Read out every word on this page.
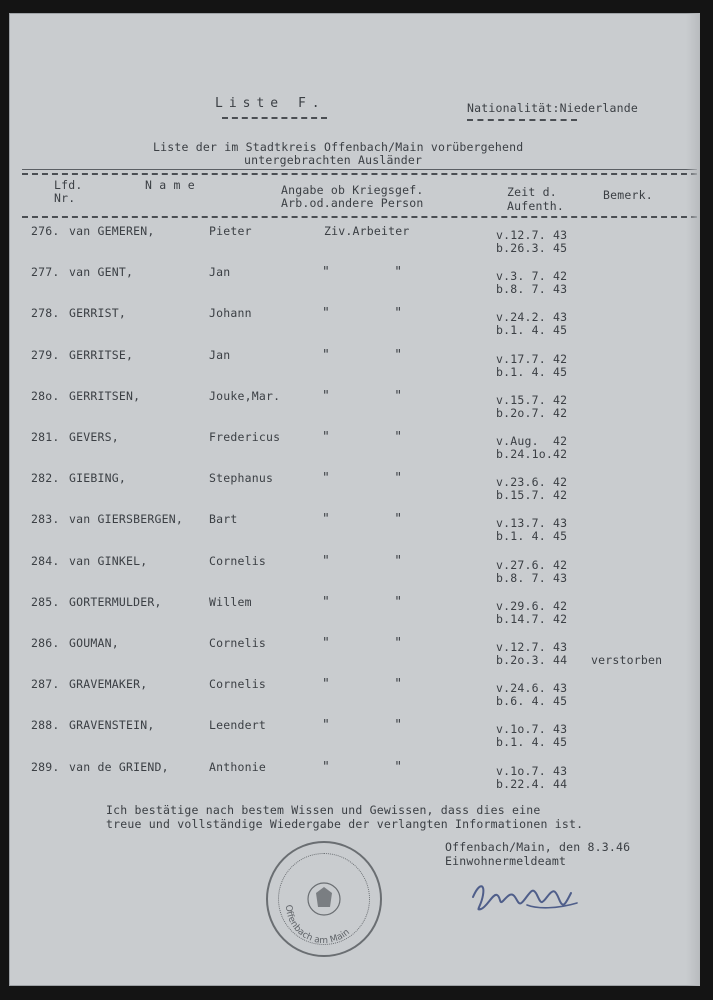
Liste F.	Nationalität:Niederlande
Liste der im Stadtkreis Offenbach/Main vorübergehend
untergebrachten Ausländer
Lfd.
Nr.
N a m e	Angabe ob Kriegsgef.
Arb.od.andere Person
Zeit d.
Aufenth.
Bemerk.
276. van GEMEREN,	Pieter	Ziv.Arbeiter	v.12.7. 43
b.26.3. 45
277. van GENT,	Jan	"        "	v.3. 7. 42
b.8. 7. 43
278. GERRIST,	Johann	"        "	v.24.2. 43
b.1. 4. 45
279. GERRITSE,	Jan	"        "	v.17.7. 42
b.1. 4. 45
28o. GERRITSEN,	Jouke,Mar.	"        "	v.15.7. 42
b.2o.7. 42
281. GEVERS,	Fredericus	"        "	v.Aug.  42
b.24.1o.42
282. GIEBING,	Stephanus	"        "	v.23.6. 42
b.15.7. 42
283. van GIERSBERGEN, Bart	"        "	v.13.7. 43
b.1. 4. 45
284. van GINKEL,	Cornelis	"        "	v.27.6. 42
b.8. 7. 43
285. GORTERMULDER,	Willem	"        "	v.29.6. 42
b.14.7. 42
286. GOUMAN,	Cornelis	"        "	v.12.7. 43
b.2o.3. 44 verstorben
287. GRAVEMAKER,	Cornelis	"        "	v.24.6. 43
b.6. 4. 45
288. GRAVENSTEIN,	Leendert	"        "	v.1o.7. 43
b.1. 4. 45
289. van de GRIEND,	Anthonie	"        "	v.1o.7. 43
b.22.4. 44
Ich bestätige nach bestem Wissen und Gewissen, dass dies eine
treue und vollständige Wiedergabe der verlangten Informationen ist.
Offenbach/Main, den 8.3.46
Einwohnermeldeamt
Offenbach am Main
